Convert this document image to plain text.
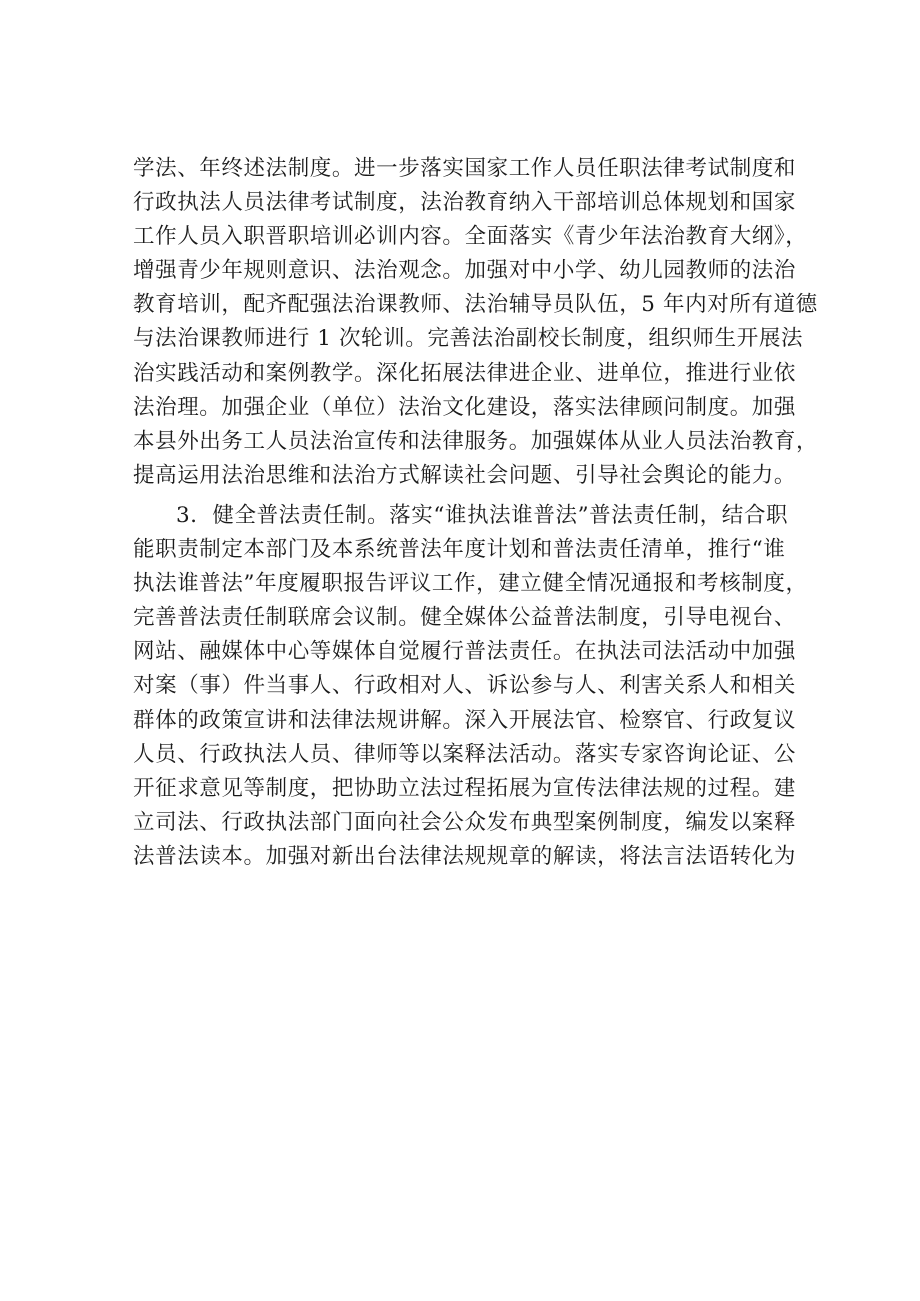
学法、年终述法制度。进一步落实国家工作人员任职法律考试制度和
行政执法人员法律考试制度，法治教育纳入干部培训总体规划和国家
工作人员入职晋职培训必训内容。全面落实《青少年法治教育大纲》，
增强青少年规则意识、法治观念。加强对中小学、幼儿园教师的法治
教育培训，配齐配强法治课教师、法治辅导员队伍，5 年内对所有道德
与法治课教师进行 1 次轮训。完善法治副校长制度，组织师生开展法
治实践活动和案例教学。深化拓展法律进企业、进单位，推进行业依
法治理。加强企业（单位）法治文化建设，落实法律顾问制度。加强
本县外出务工人员法治宣传和法律服务。加强媒体从业人员法治教育，
提高运用法治思维和法治方式解读社会问题、引导社会舆论的能力。
3．健全普法责任制。落实“谁执法谁普法”普法责任制，结合职
能职责制定本部门及本系统普法年度计划和普法责任清单，推行“谁
执法谁普法”年度履职报告评议工作，建立健全情况通报和考核制度，
完善普法责任制联席会议制。健全媒体公益普法制度，引导电视台、
网站、融媒体中心等媒体自觉履行普法责任。在执法司法活动中加强
对案（事）件当事人、行政相对人、诉讼参与人、利害关系人和相关
群体的政策宣讲和法律法规讲解。深入开展法官、检察官、行政复议
人员、行政执法人员、律师等以案释法活动。落实专家咨询论证、公
开征求意见等制度，把协助立法过程拓展为宣传法律法规的过程。建
立司法、行政执法部门面向社会公众发布典型案例制度，编发以案释
法普法读本。加强对新出台法律法规规章的解读，将法言法语转化为
